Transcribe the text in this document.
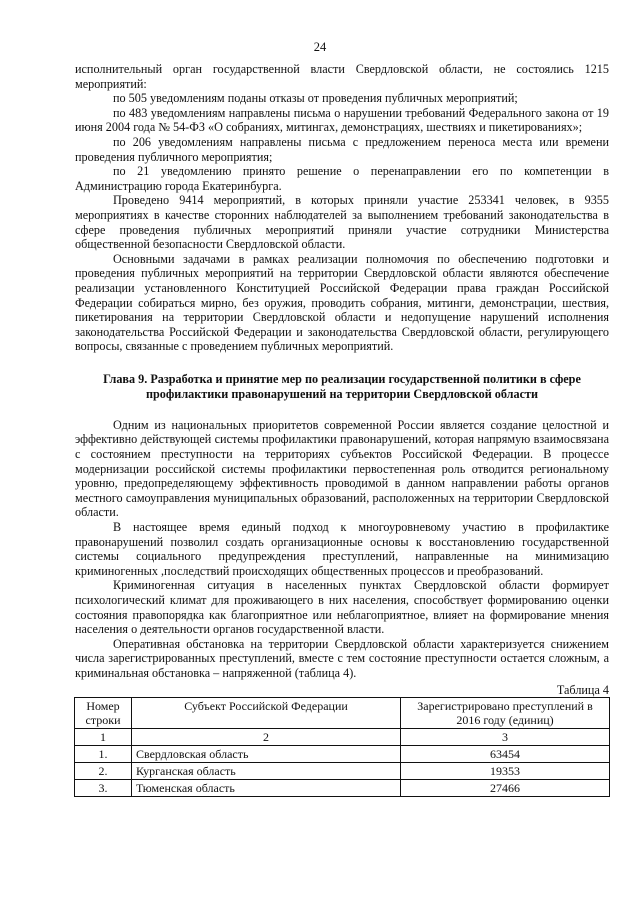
24

исполнительный орган государственной власти Свердловской области, не состоялись 1215 мероприятий:

по 505 уведомлениям поданы отказы от проведения публичных мероприятий;

по 483 уведомлениям направлены письма о нарушении требований Федерального закона от 19 июня 2004 года № 54-ФЗ «О собраниях, митингах, демонстрациях, шествиях и пикетированиях»;

по 206 уведомлениям направлены письма с предложением переноса места или времени проведения публичного мероприятия;

по 21 уведомлению принято решение о перенаправлении его по компетенции в Администрацию города Екатеринбурга.

Проведено 9414 мероприятий, в которых приняли участие 253341 человек, в 9355 мероприятиях в качестве сторонних наблюдателей за выполнением требований законодательства в сфере проведения публичных мероприятий приняли участие сотрудники Министерства общественной безопасности Свердловской области.

Основными задачами в рамках реализации полномочия по обеспечению подготовки и проведения публичных мероприятий на территории Свердловской области являются обеспечение реализации установленного Конституцией Российской Федерации права граждан Российской Федерации собираться мирно, без оружия, проводить собрания, митинги, демонстрации, шествия, пикетирования на территории Свердловской области и недопущение нарушений исполнения законодательства Российской Федерации и законодательства Свердловской области, регулирующего вопросы, связанные с проведением публичных мероприятий.

Глава 9. Разработка и принятие мер по реализации государственной политики в сфере профилактики правонарушений на территории Свердловской области

Одним из национальных приоритетов современной России является создание целостной и эффективно действующей системы профилактики правонарушений, которая напрямую взаимосвязана с состоянием преступности на территориях субъектов Российской Федерации. В процессе модернизации российской системы профилактики первостепенная роль отводится региональному уровню, предопределяющему эффективность проводимой в данном направлении работы органов местного самоуправления муниципальных образований, расположенных на территории Свердловской области.

В настоящее время единый подход к многоуровневому участию в профилактике правонарушений позволил создать организационные основы к восстановлению государственной системы социального предупреждения преступлений, направленные на минимизацию криминогенных ,последствий происходящих общественных процессов и преобразований.

Криминогенная ситуация в населенных пунктах Свердловской области формирует психологический климат для проживающего в них населения, способствует формированию оценки состояния правопорядка как благоприятное или неблагоприятное, влияет на формирование мнения населения о деятельности органов государственной власти.

Оперативная обстановка на территории Свердловской области характеризуется снижением числа зарегистрированных преступлений, вместе с тем состояние преступности остается сложным, а криминальная обстановка – напряженной (таблица 4).

Таблица 4

Номер строки	Субъект Российской Федерации	Зарегистрировано преступлений в 2016 году (единиц)
1	2	3
1.	Свердловская область	63454
2.	Курганская область	19353
3.	Тюменская область	27466
